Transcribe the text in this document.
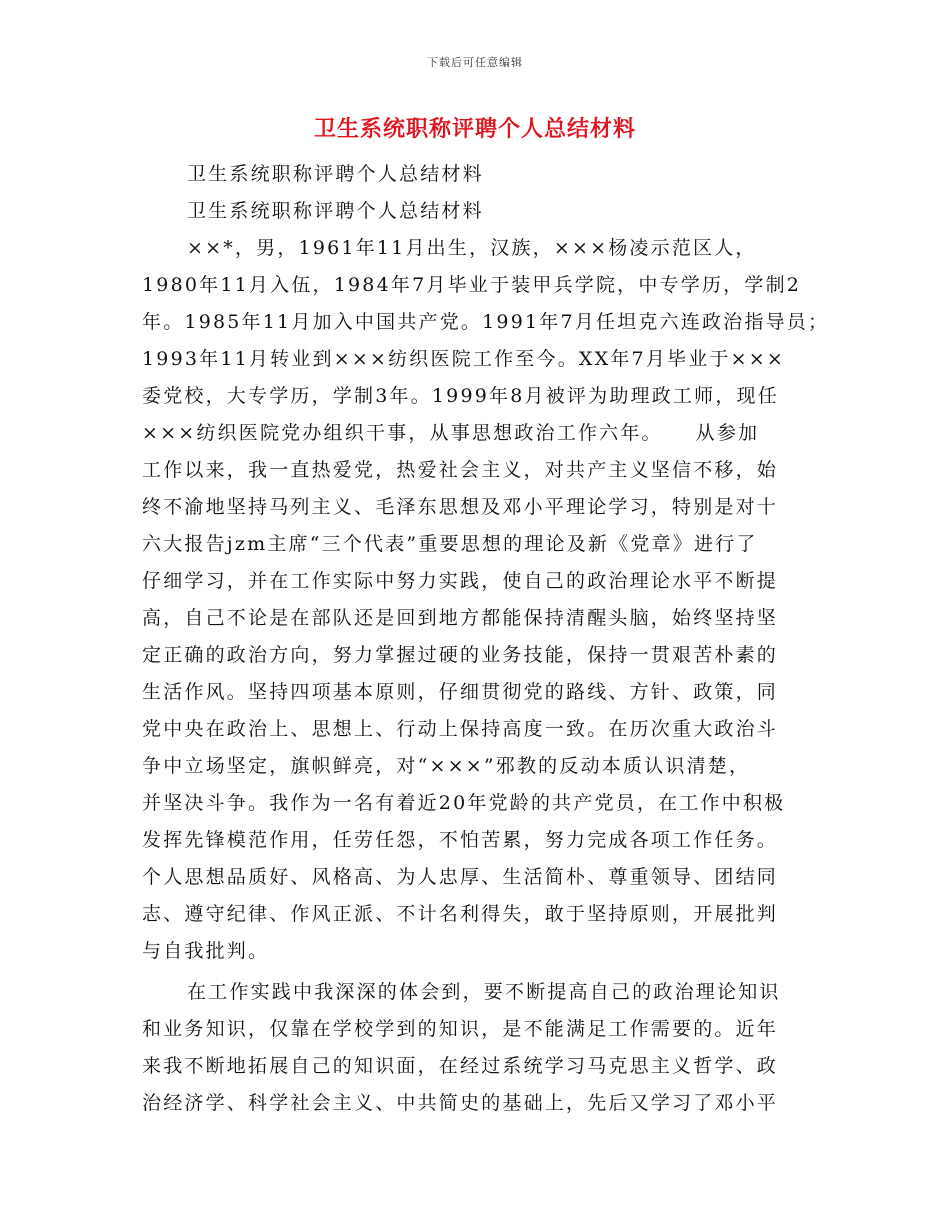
下载后可任意编辑
卫生系统职称评聘个人总结材料
卫生系统职称评聘个人总结材料
卫生系统职称评聘个人总结材料
××*，男，1961年11月出生，汉族，×××杨凌示范区人，
1980年11月入伍，1984年7月毕业于装甲兵学院，中专学历，学制2
年。1985年11月加入中国共产党。1991年7月任坦克六连政治指导员；
1993年11月转业到×××纺织医院工作至今。XX年7月毕业于×××
委党校，大专学历，学制3年。1999年8月被评为助理政工师，现任
×××纺织医院党办组织干事，从事思想政治工作六年。　　从参加
工作以来，我一直热爱党，热爱社会主义，对共产主义坚信不移，始
终不渝地坚持马列主义、毛泽东思想及邓小平理论学习，特别是对十
六大报告jzm主席“三个代表”重要思想的理论及新《党章》进行了
仔细学习，并在工作实际中努力实践，使自己的政治理论水平不断提
高，自己不论是在部队还是回到地方都能保持清醒头脑，始终坚持坚
定正确的政治方向，努力掌握过硬的业务技能，保持一贯艰苦朴素的
生活作风。坚持四项基本原则，仔细贯彻党的路线、方针、政策，同
党中央在政治上、思想上、行动上保持高度一致。在历次重大政治斗
争中立场坚定，旗帜鲜亮，对“×××”邪教的反动本质认识清楚，
并坚决斗争。我作为一名有着近20年党龄的共产党员，在工作中积极
发挥先锋模范作用，任劳任怨，不怕苦累，努力完成各项工作任务。
个人思想品质好、风格高、为人忠厚、生活简朴、尊重领导、团结同
志、遵守纪律、作风正派、不计名利得失，敢于坚持原则，开展批判
与自我批判。
在工作实践中我深深的体会到，要不断提高自己的政治理论知识
和业务知识，仅靠在学校学到的知识，是不能满足工作需要的。近年
来我不断地拓展自己的知识面，在经过系统学习马克思主义哲学、政
治经济学、科学社会主义、中共简史的基础上，先后又学习了邓小平
